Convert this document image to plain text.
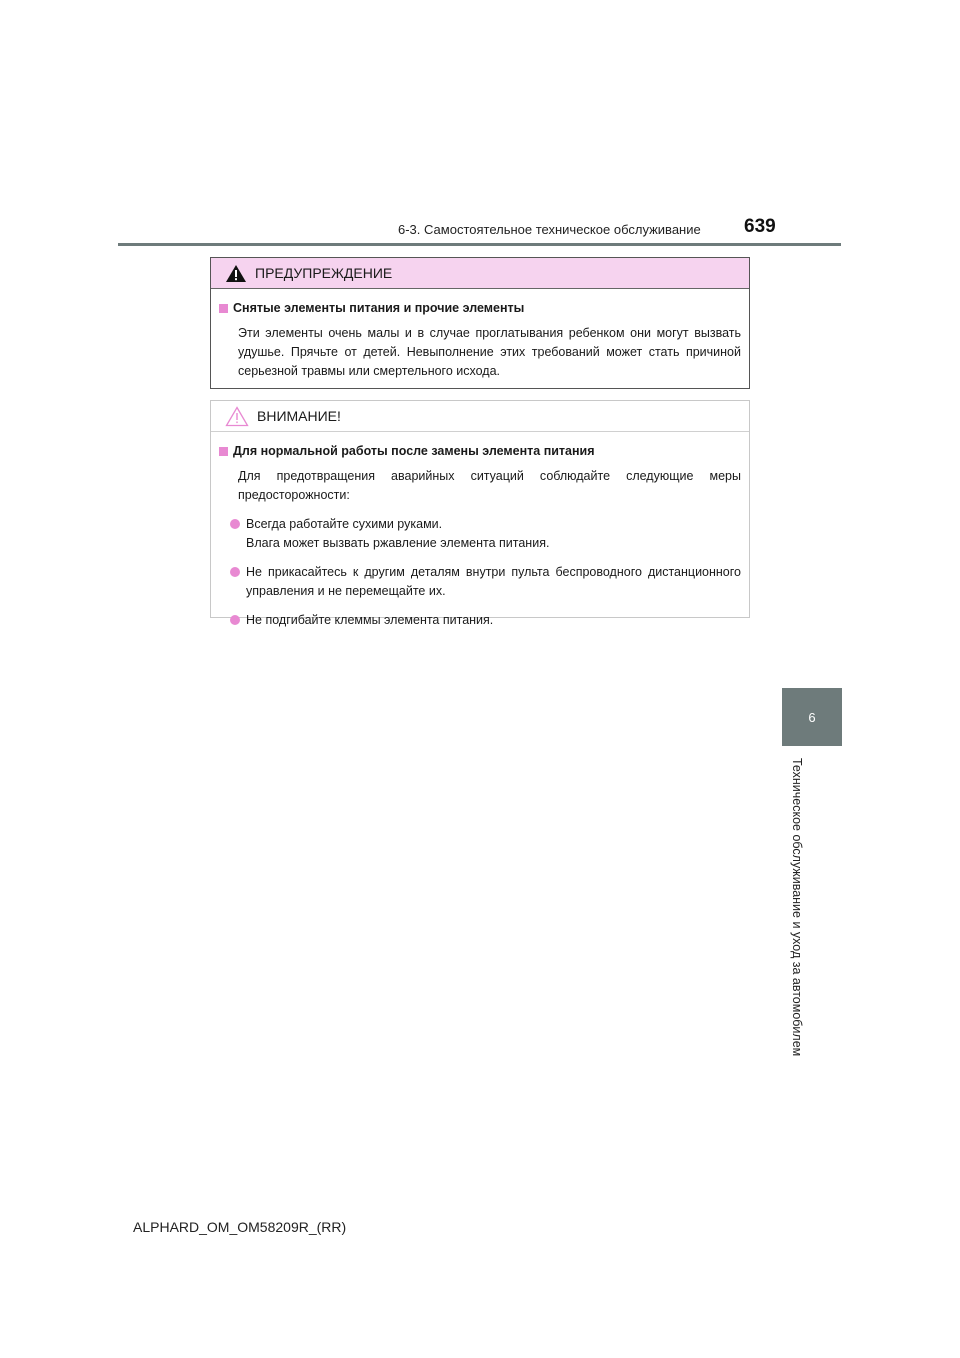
6-3. Самостоятельное техническое обслуживание 639
6
Техническое обслуживание и уход за автомобилем
ПРЕДУПРЕЖДЕНИЕ
Снятые элементы питания и прочие элементы

Эти элементы очень малы и в случае проглатывания ребенком они могут вызвать удушье. Прячьте от детей. Невыполнение этих требований может стать причиной серьезной травмы или смертельного исхода.

ВНИМАНИЕ!
Для нормальной работы после замены элемента питания

Для предотвращения аварийных ситуаций соблюдайте следующие меры предосторожности:

Всегда работайте сухими руками.
Влага может вызвать ржавление элемента питания.
Не прикасайтесь к другим деталям внутри пульта беспроводного дистанционного управления и не перемещайте их.
Не подгибайте клеммы элемента питания.
ALPHARD_OM_OM58209R_(RR)
